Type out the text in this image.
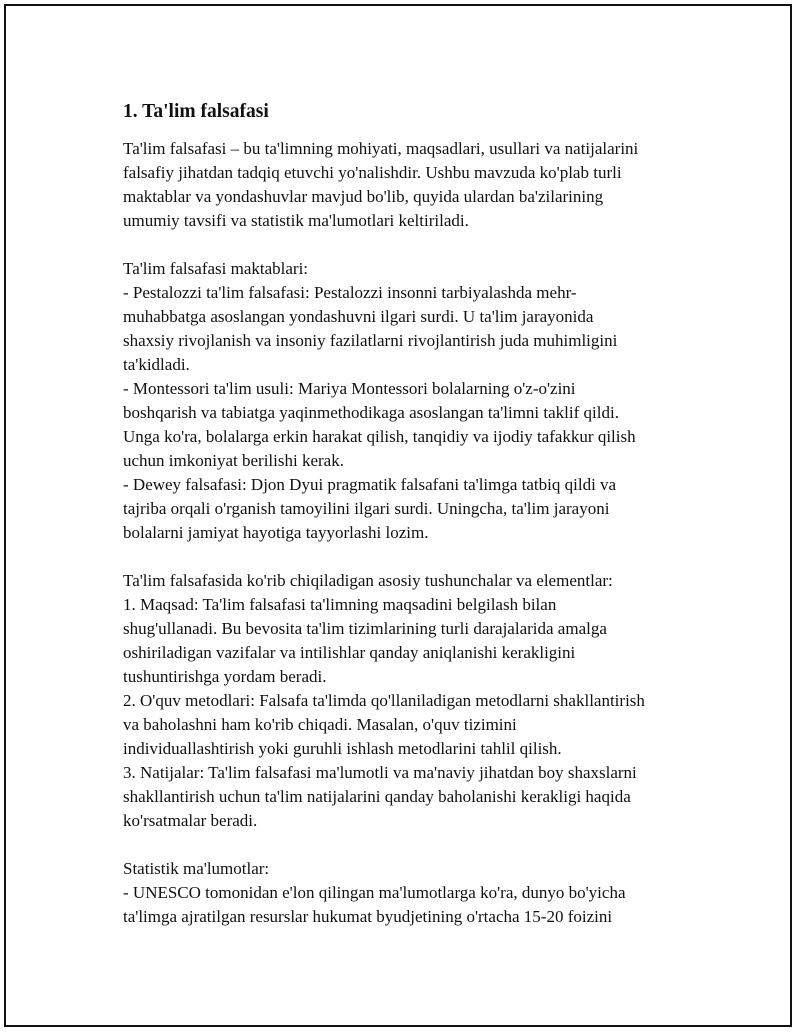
1. Ta'lim falsafasi
Ta'lim falsafasi – bu ta'limning mohiyati, maqsadlari, usullari va natijalarini
falsafiy jihatdan tadqiq etuvchi yo'nalishdir. Ushbu mavzuda ko'plab turli
maktablar va yondashuvlar mavjud bo'lib, quyida ulardan ba'zilarining
umumiy tavsifi va statistik ma'lumotlari keltiriladi.
Ta'lim falsafasi maktablari:
- Pestalozzi ta'lim falsafasi: Pestalozzi insonni tarbiyalashda mehr-
muhabbatga asoslangan yondashuvni ilgari surdi. U ta'lim jarayonida
shaxsiy rivojlanish va insoniy fazilatlarni rivojlantirish juda muhimligini
ta'kidladi.
- Montessori ta'lim usuli: Mariya Montessori bolalarning o'z-o'zini
boshqarish va tabiatga yaqinmethodikaga asoslangan ta'limni taklif qildi.
Unga ko'ra, bolalarga erkin harakat qilish, tanqidiy va ijodiy tafakkur qilish
uchun imkoniyat berilishi kerak.
- Dewey falsafasi: Djon Dyui pragmatik falsafani ta'limga tatbiq qildi va
tajriba orqali o'rganish tamoyilini ilgari surdi. Uningcha, ta'lim jarayoni
bolalarni jamiyat hayotiga tayyorlashi lozim.
Ta'lim falsafasida ko'rib chiqiladigan asosiy tushunchalar va elementlar:
1. Maqsad: Ta'lim falsafasi ta'limning maqsadini belgilash bilan
shug'ullanadi. Bu bevosita ta'lim tizimlarining turli darajalarida amalga
oshiriladigan vazifalar va intilishlar qanday aniqlanishi kerakligini
tushuntirishga yordam beradi.
2. O'quv metodlari: Falsafa ta'limda qo'llaniladigan metodlarni shakllantirish
va baholashni ham ko'rib chiqadi. Masalan, o'quv tizimini
individuallashtirish yoki guruhli ishlash metodlarini tahlil qilish.
3. Natijalar: Ta'lim falsafasi ma'lumotli va ma'naviy jihatdan boy shaxslarni
shakllantirish uchun ta'lim natijalarini qanday baholanishi kerakligi haqida
ko'rsatmalar beradi.
Statistik ma'lumotlar:
- UNESCO tomonidan e'lon qilingan ma'lumotlarga ko'ra, dunyo bo'yicha
ta'limga ajratilgan resurslar hukumat byudjetining o'rtacha 15-20 foizini
